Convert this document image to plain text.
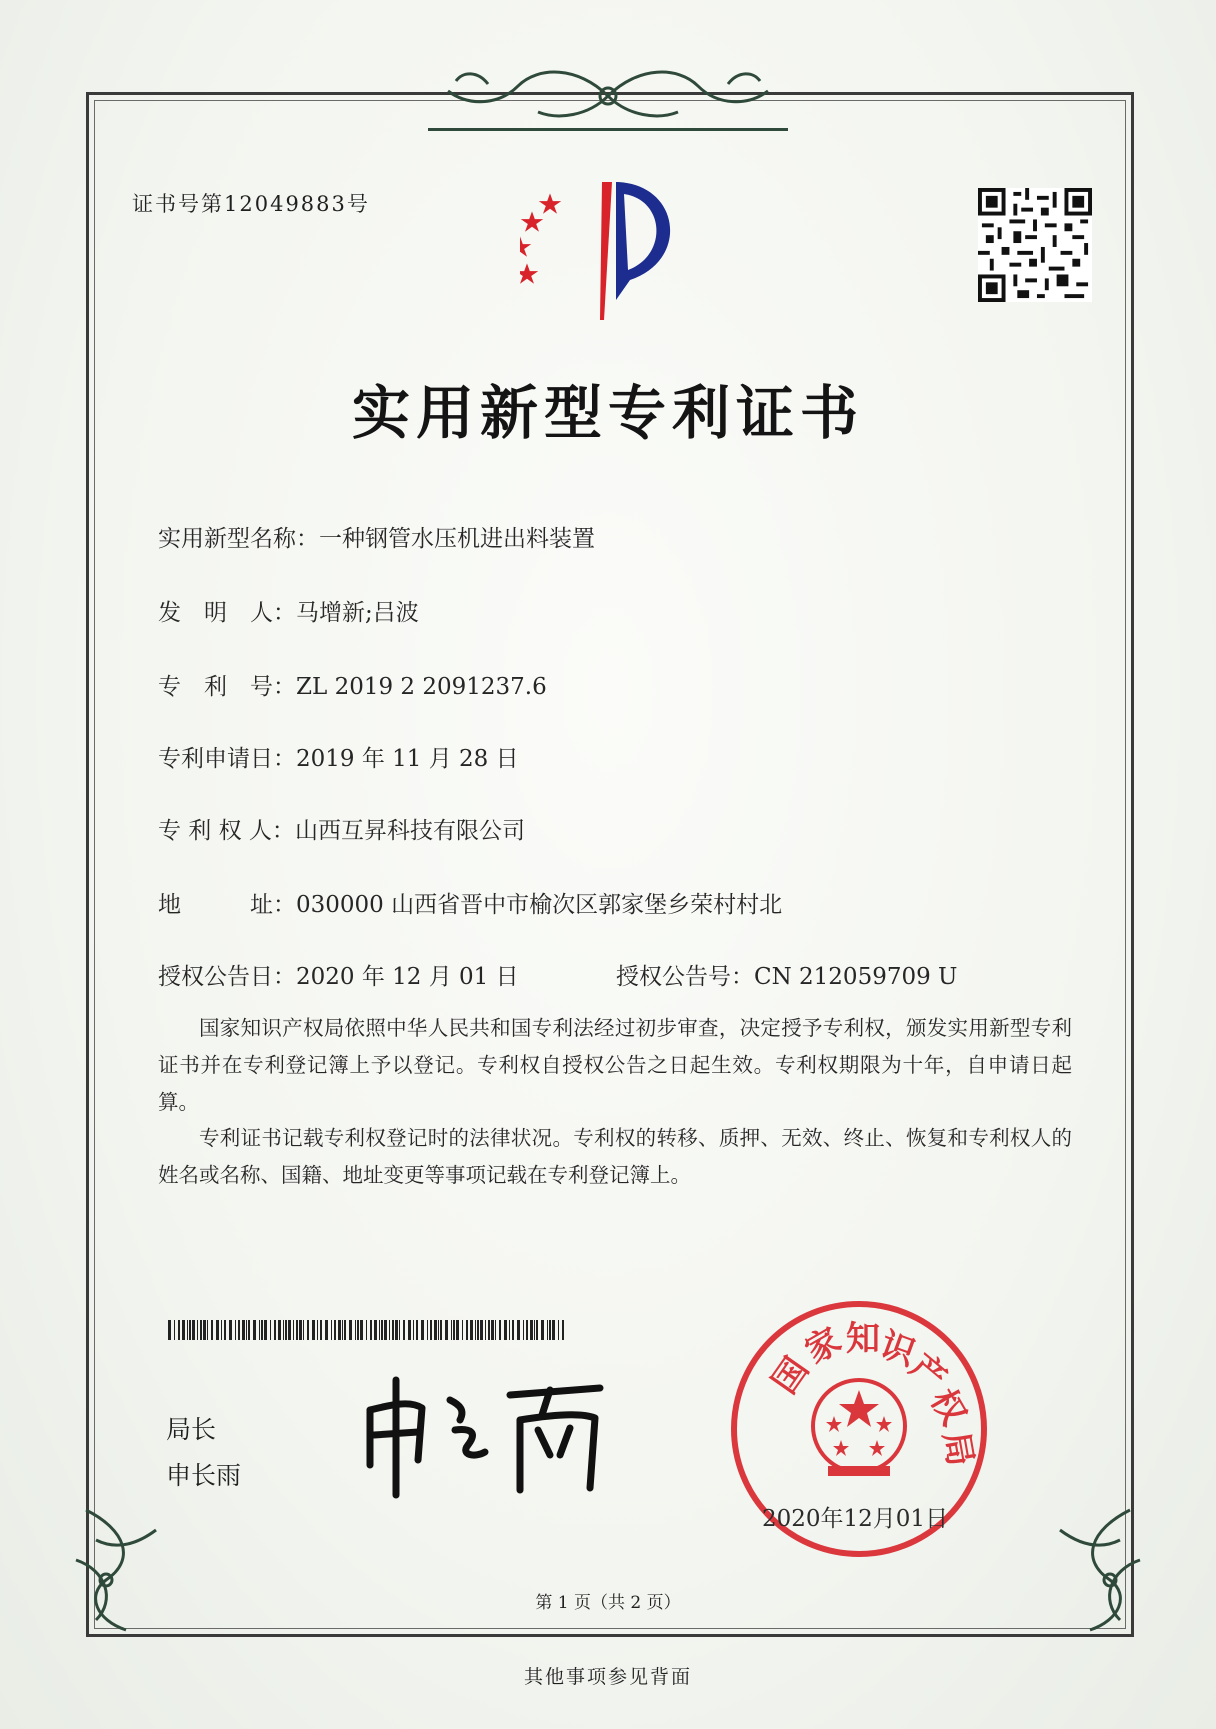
证书号第12049883号
实用新型专利证书
实用新型名称：一种钢管水压机进出料装置
发　明　人：马增新;吕波
专　利　号：ZL 2019 2 2091237.6
专利申请日：2019 年 11 月 28 日
专 利 权 人：山西互昇科技有限公司
地　　　址：030000 山西省晋中市榆次区郭家堡乡荣村村北
授权公告日：2020 年 12 月 01 日	授权公告号：CN 212059709 U
国家知识产权局依照中华人民共和国专利法经过初步审查，决定授予专利权，颁发实用新型专利证书并在专利登记簿上予以登记。专利权自授权公告之日起生效。专利权期限为十年，自申请日起算。
专利证书记载专利权登记时的法律状况。专利权的转移、质押、无效、终止、恢复和专利权人的姓名或名称、国籍、地址变更等事项记载在专利登记簿上。
局长
申长雨
国
家
知
识
产
权
局
2020年12月01日
第 1 页（共 2 页）
其他事项参见背面
